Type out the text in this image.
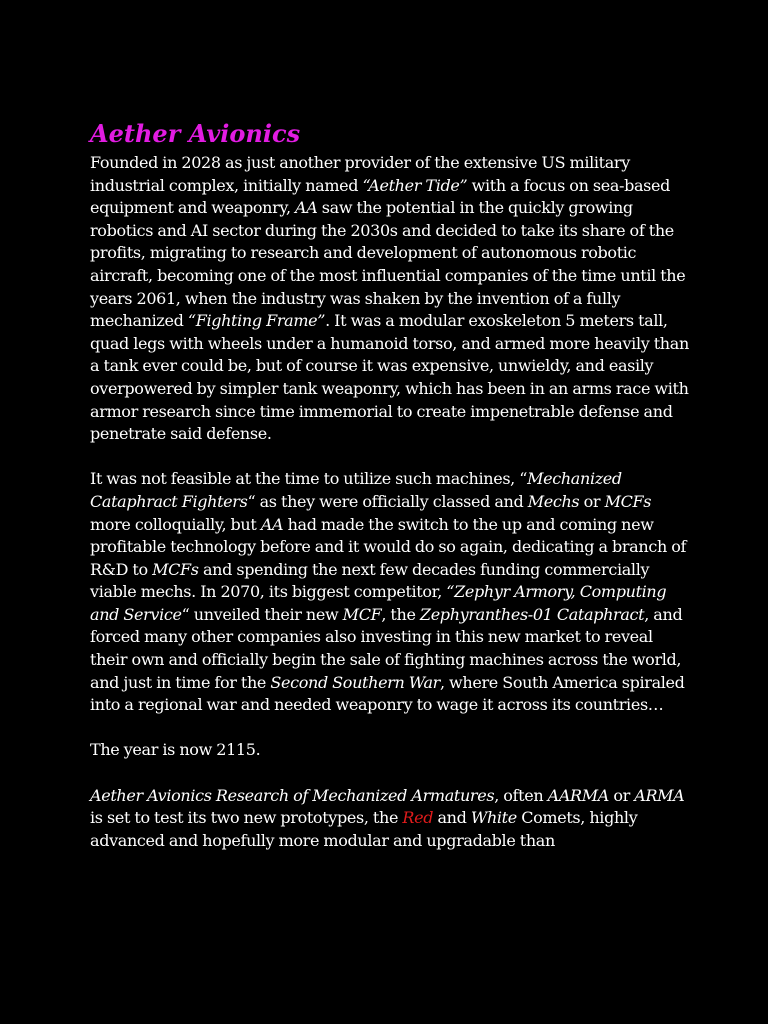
Aether Avionics

Founded in 2028 as just another provider of the extensive US military industrial complex, initially named “Aether Tide” with a focus on sea-based equipment and weaponry, AA saw the potential in the quickly growing robotics and AI sector during the 2030s and decided to take its share of the profits, migrating to research and development of autonomous robotic aircraft, becoming one of the most influential companies of the time until the years 2061, when the industry was shaken by the invention of a fully mechanized “Fighting Frame”. It was a modular exoskeleton 5 meters tall, quad legs with wheels under a humanoid torso, and armed more heavily than a tank ever could be, but of course it was expensive, unwieldy, and easily overpowered by simpler tank weaponry, which has been in an arms race with armor research since time immemorial to create impenetrable defense and penetrate said defense.

It was not feasible at the time to utilize such machines, “Mechanized Cataphract Fighters“ as they were officially classed and Mechs or MCFs more colloquially, but AA had made the switch to the up and coming new profitable technology before and it would do so again, dedicating a branch of R&D to MCFs and spending the next few decades funding commercially viable mechs. In 2070, its biggest competitor, “Zephyr Armory, Computing and Service“ unveiled their new MCF, the Zephyranthes-01 Cataphract, and forced many other companies also investing in this new market to reveal their own and officially begin the sale of fighting machines across the world, and just in time for the Second Southern War, where South America spiraled into a regional war and needed weaponry to wage it across its countries…

The year is now 2115.

Aether Avionics Research of Mechanized Armatures, often AARMA or ARMA is set to test its two new prototypes, the Red and White Comets, highly advanced and hopefully more modular and upgradable than
